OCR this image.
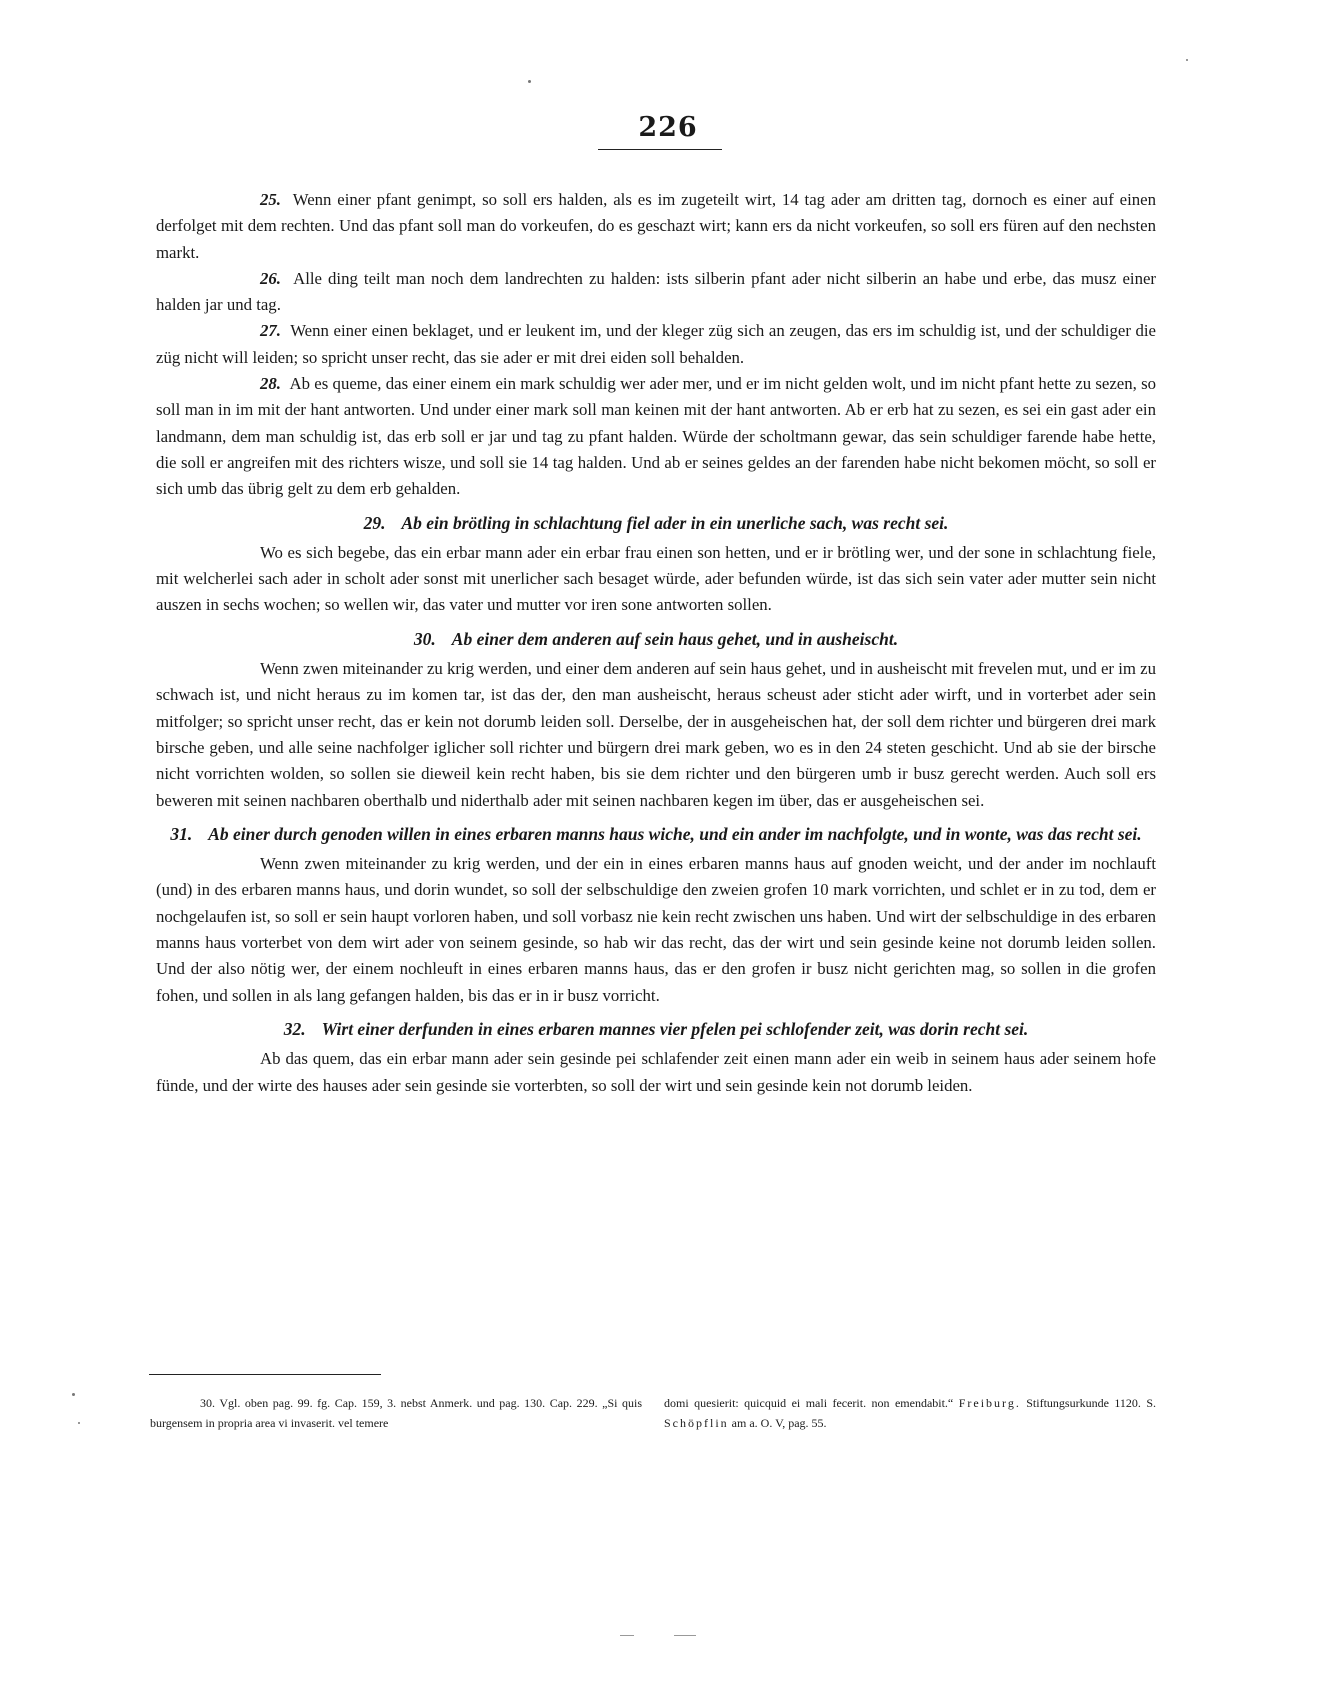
226

25. Wenn einer pfant genimpt, so soll ers halden, als es im zugeteilt wirt, 14 tag ader am dritten tag, dornoch es einer auf einen derfolget mit dem rechten. Und das pfant soll man do vorkeufen, do es geschazt wirt; kann ers da nicht vorkeufen, so soll ers füren auf den nechsten markt.

26. Alle ding teilt man noch dem landrechten zu halden: ists silberin pfant ader nicht silberin an habe und erbe, das musz einer halden jar und tag.

27. Wenn einer einen beklaget, und er leukent im, und der kleger züg sich an zeugen, das ers im schuldig ist, und der schuldiger die züg nicht will leiden; so spricht unser recht, das sie ader er mit drei eiden soll behalden.

28. Ab es queme, das einer einem ein mark schuldig wer ader mer, und er im nicht gelden wolt, und im nicht pfant hette zu sezen, so soll man in im mit der hant antworten. Und under einer mark soll man keinen mit der hant antworten. Ab er erb hat zu sezen, es sei ein gast ader ein landmann, dem man schuldig ist, das erb soll er jar und tag zu pfant halden. Würde der scholtmann gewar, das sein schuldiger farende habe hette, die soll er angreifen mit des richters wisze, und soll sie 14 tag halden. Und ab er seines geldes an der farenden habe nicht bekomen möcht, so soll er sich umb das übrig gelt zu dem erb gehalden.

29. Ab ein brötling in schlachtung fiel ader in ein unerliche sach, was recht sei.

Wo es sich begebe, das ein erbar mann ader ein erbar frau einen son hetten, und er ir brötling wer, und der sone in schlachtung fiele, mit welcherlei sach ader in scholt ader sonst mit unerlicher sach besaget würde, ader befunden würde, ist das sich sein vater ader mutter sein nicht auszen in sechs wochen; so wellen wir, das vater und mutter vor iren sone antworten sollen.

30. Ab einer dem anderen auf sein haus gehet, und in ausheischt.

Wenn zwen miteinander zu krig werden, und einer dem anderen auf sein haus gehet, und in ausheischt mit frevelen mut, und er im zu schwach ist, und nicht heraus zu im komen tar, ist das der, den man ausheischt, heraus scheust ader sticht ader wirft, und in vorterbet ader sein mitfolger; so spricht unser recht, das er kein not dorumb leiden soll. Derselbe, der in ausgeheischen hat, der soll dem richter und bürgeren drei mark birsche geben, und alle seine nachfolger iglicher soll richter und bürgern drei mark geben, wo es in den 24 steten geschicht. Und ab sie der birsche nicht vorrichten wolden, so sollen sie dieweil kein recht haben, bis sie dem richter und den bürgeren umb ir busz gerecht werden. Auch soll ers beweren mit seinen nachbaren oberthalb und niderthalb ader mit seinen nachbaren kegen im über, das er ausgeheischen sei.

31. Ab einer durch genoden willen in eines erbaren manns haus wiche, und ein ander im nachfolgte, und in wonte, was das recht sei.

Wenn zwen miteinander zu krig werden, und der ein in eines erbaren manns haus auf gnoden weicht, und der ander im nochlauft (und) in des erbaren manns haus, und dorin wundet, so soll der selbschuldige den zweien grofen 10 mark vorrichten, und schlet er in zu tod, dem er nochgelaufen ist, so soll er sein haupt vorloren haben, und soll vorbasz nie kein recht zwischen uns haben. Und wirt der selbschuldige in des erbaren manns haus vorterbet von dem wirt ader von seinem gesinde, so hab wir das recht, das der wirt und sein gesinde keine not dorumb leiden sollen. Und der also nötig wer, der einem nochleuft in eines erbaren manns haus, das er den grofen ir busz nicht gerichten mag, so sollen in die grofen fohen, und sollen in als lang gefangen halden, bis das er in ir busz vorricht.

32. Wirt einer derfunden in eines erbaren mannes vier pfelen pei schlofender zeit, was dorin recht sei.

Ab das quem, das ein erbar mann ader sein gesinde pei schlafender zeit einen mann ader ein weib in seinem haus ader seinem hofe fünde, und der wirte des hauses ader sein gesinde sie vorterbten, so soll der wirt und sein gesinde kein not dorumb leiden.

30. Vgl. oben pag. 99. fg. Cap. 159, 3. nebst Anmerk. und pag. 130. Cap. 229. „Si quis burgensem in propria area vi invaserit. vel temere
domi quesierit: quicquid ei mali fecerit. non emendabit.“ Freiburg. Stiftungsurkunde 1120. S. Schöpflin am a. O. V, pag. 55.
